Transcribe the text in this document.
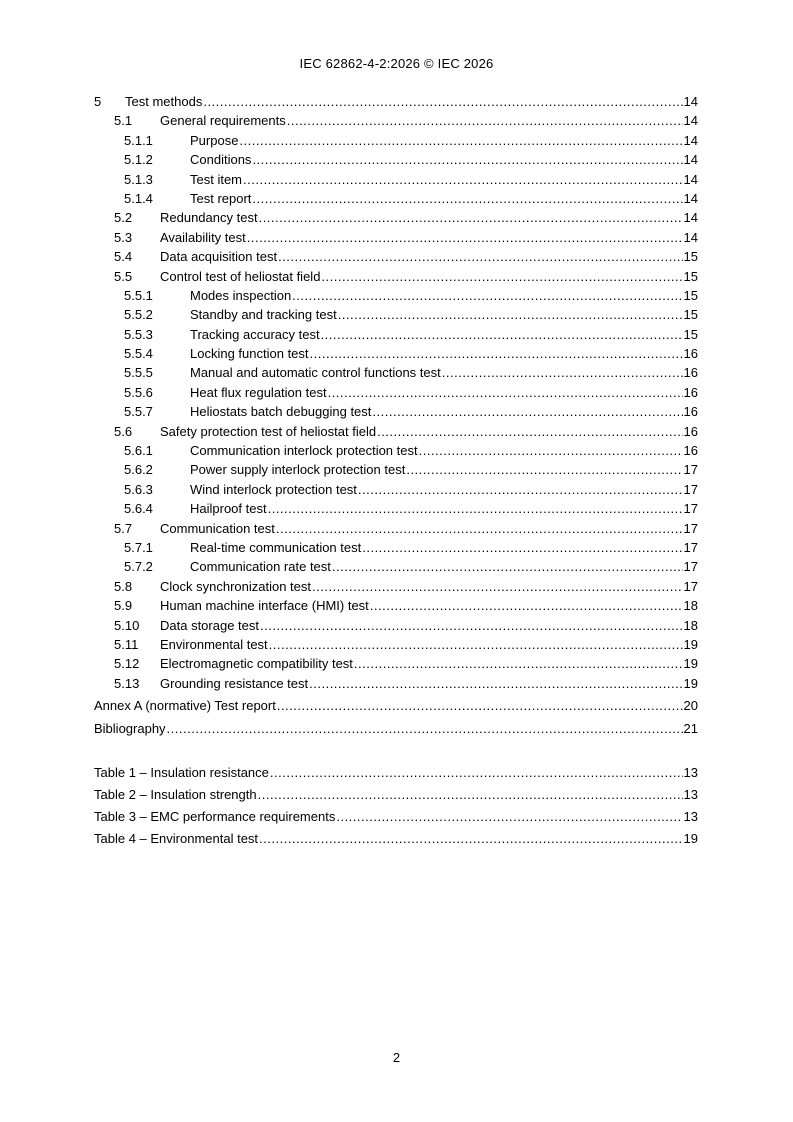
IEC 62862-4-2:2026 © IEC 2026
5	Test methods .....	14
5.1	General requirements .....	14
5.1.1	Purpose .....	14
5.1.2	Conditions .....	14
5.1.3	Test item .....	14
5.1.4	Test report .....	14
5.2	Redundancy test .....	14
5.3	Availability test .....	14
5.4	Data acquisition test .....	15
5.5	Control test of heliostat field .....	15
5.5.1	Modes inspection .....	15
5.5.2	Standby and tracking test .....	15
5.5.3	Tracking accuracy test .....	15
5.5.4	Locking function test .....	16
5.5.5	Manual and automatic control functions test .....	16
5.5.6	Heat flux regulation test .....	16
5.5.7	Heliostats batch debugging test .....	16
5.6	Safety protection test of heliostat field .....	16
5.6.1	Communication interlock protection test .....	16
5.6.2	Power supply interlock protection test .....	17
5.6.3	Wind interlock protection test .....	17
5.6.4	Hailproof test .....	17
5.7	Communication test .....	17
5.7.1	Real-time communication test .....	17
5.7.2	Communication rate test .....	17
5.8	Clock synchronization test .....	17
5.9	Human machine interface (HMI) test .....	18
5.10	Data storage test .....	18
5.11	Environmental test .....	19
5.12	Electromagnetic compatibility test .....	19
5.13	Grounding resistance test .....	19
Annex A (normative) Test report .....	20
Bibliography .....	21
Table 1 – Insulation resistance .....	13
Table 2 – Insulation strength .....	13
Table 3 – EMC performance requirements .....	13
Table 4 – Environmental test .....	19
2
